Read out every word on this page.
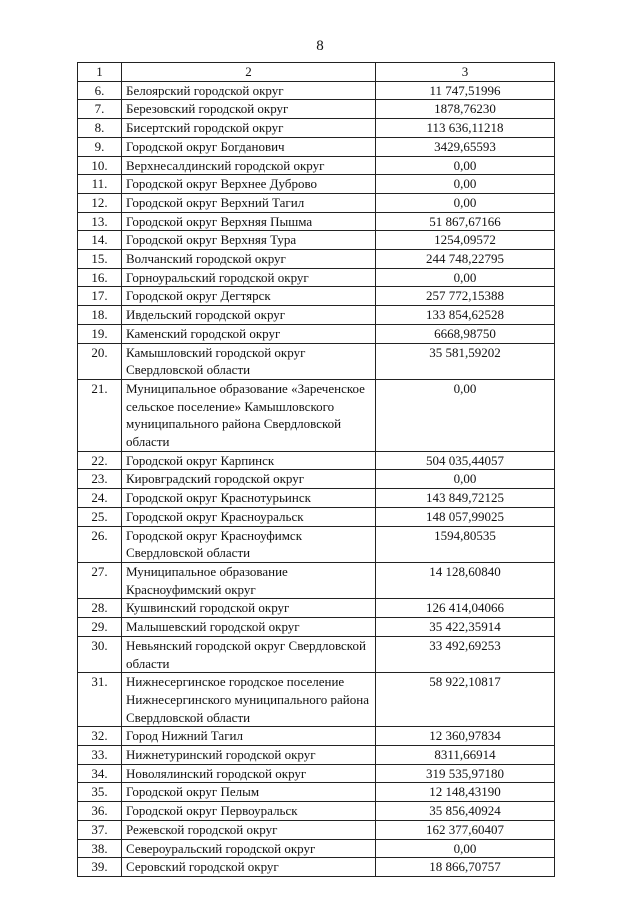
8
1	2	3
6.	Белоярский городской округ	11 747,51996
7.	Березовский городской округ	1878,76230
8.	Бисертский городской округ	113 636,11218
9.	Городской округ Богданович	3429,65593
10.	Верхнесалдинский городской округ	0,00
11.	Городской округ Верхнее Дуброво	0,00
12.	Городской округ Верхний Тагил	0,00
13.	Городской округ Верхняя Пышма	51 867,67166
14.	Городской округ Верхняя Тура	1254,09572
15.	Волчанский городской округ	244 748,22795
16.	Горноуральский городской округ	0,00
17.	Городской округ Дегтярск	257 772,15388
18.	Ивдельский городской округ	133 854,62528
19.	Каменский городской округ	6668,98750
20.	Камышловский городской округ Свердловской области	35 581,59202
21.	Муниципальное образование «Зареченское сельское поселение» Камышловского муниципального района Свердловской области	0,00
22.	Городской округ Карпинск	504 035,44057
23.	Кировградский городской округ	0,00
24.	Городской округ Краснотурьинск	143 849,72125
25.	Городской округ Красноуральск	148 057,99025
26.	Городской округ Красноуфимск Свердловской области	1594,80535
27.	Муниципальное образование Красноуфимский округ	14 128,60840
28.	Кушвинский городской округ	126 414,04066
29.	Малышевский городской округ	35 422,35914
30.	Невьянский городской округ Свердловской области	33 492,69253
31.	Нижнесергинское городское поселение Нижнесергинского муниципального района Свердловской области	58 922,10817
32.	Город Нижний Тагил	12 360,97834
33.	Нижнетуринский городской округ	8311,66914
34.	Новолялинский городской округ	319 535,97180
35.	Городской округ Пелым	12 148,43190
36.	Городской округ Первоуральск	35 856,40924
37.	Режевской городской округ	162 377,60407
38.	Североуральский городской округ	0,00
39.	Серовский городской округ	18 866,70757
